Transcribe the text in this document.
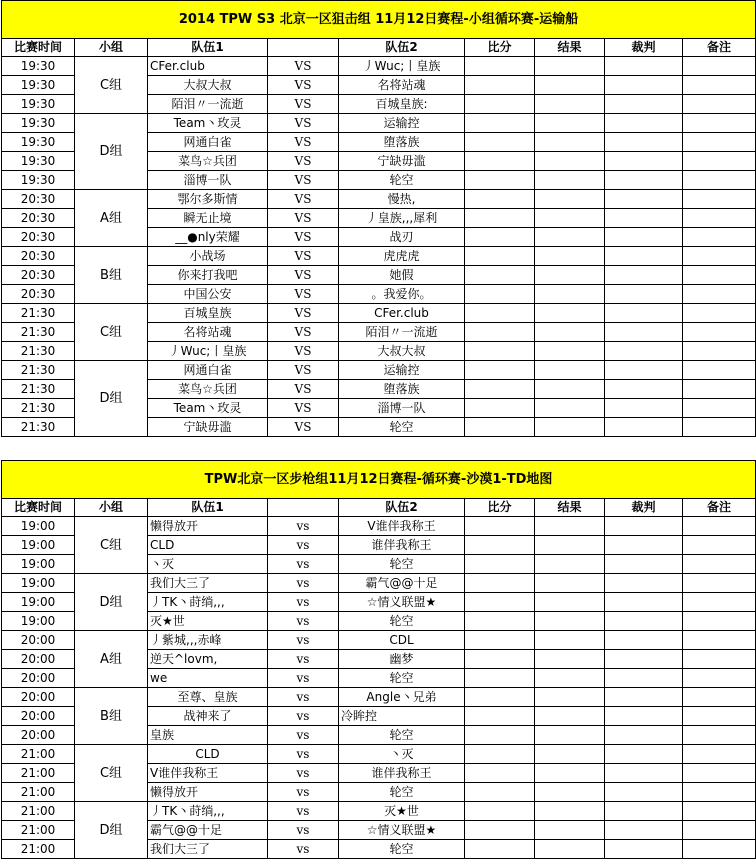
2014 TPW S3 北京一区狙击组 11月12日赛程-小组循环赛-运输船								
比赛时间	小组	队伍1		队伍2	比分	结果	裁判	备注
19:30	C组	CFer.club	VS	丿Wuc;丨皇族				
19:30		大叔大叔	VS	名将站魂				
19:30		陌泪〃一流逝	VS	百城皇族:				
19:30	D组	Team丶玫灵	VS	运输控				
19:30		网通白雀	VS	堕落族				
19:30		菜鸟☆兵团	VS	宁缺毋滥				
19:30		淄博一队	VS	轮空				
20:30	A组	鄂尔多斯情	VS	慢热,				
20:30		瞬无止境	VS	丿皇族,,,犀利				
20:30		__●nly荣耀	VS	战刃				
20:30	B组	小战场	VS	虎虎虎				
20:30		你来打我吧	VS	她假				
20:30		中国公安	VS	。我爱你。				
21:30	C组	百城皇族	VS	CFer.club				
21:30		名将站魂	VS	陌泪〃一流逝				
21:30		丿Wuc;丨皇族	VS	大叔大叔				
21:30	D组	网通白雀	VS	运输控				
21:30		菜鸟☆兵团	VS	堕落族				
21:30		Team丶玫灵	VS	淄博一队				
21:30		宁缺毋滥	VS	轮空				
TPW北京一区步枪组11月12日赛程-循环赛-沙漠1-TD地图								
比赛时间	小组	队伍1		队伍2	比分	结果	裁判	备注
19:00	C组	懒得放开	vs	V谁伴我称王				
19:00		CLD	vs	谁伴我称王				
19:00		丶灭	vs	轮空				
19:00	D组	我们大三了	vs	霸气@@十足				
19:00		丿TK丶莳绱,,,	vs	☆情义联盟★				
19:00		灭★世	vs	轮空				
20:00	A组	丿紫城,,,赤峰	vs	CDL				
20:00		逆天^lovm,	vs	幽梦				
20:00		we	vs	轮空				
20:00	B组	至尊、皇族	vs	Angle丶兄弟				
20:00		战神来了	vs	冷眸控				
20:00		皇族	vs	轮空				
21:00	C组	CLD	vs	丶灭				
21:00		V谁伴我称王	vs	谁伴我称王				
21:00		懒得放开	vs	轮空				
21:00	D组	丿TK丶莳绱,,,	vs	灭★世				
21:00		霸气@@十足	vs	☆情义联盟★				
21:00		我们大三了	vs	轮空				
